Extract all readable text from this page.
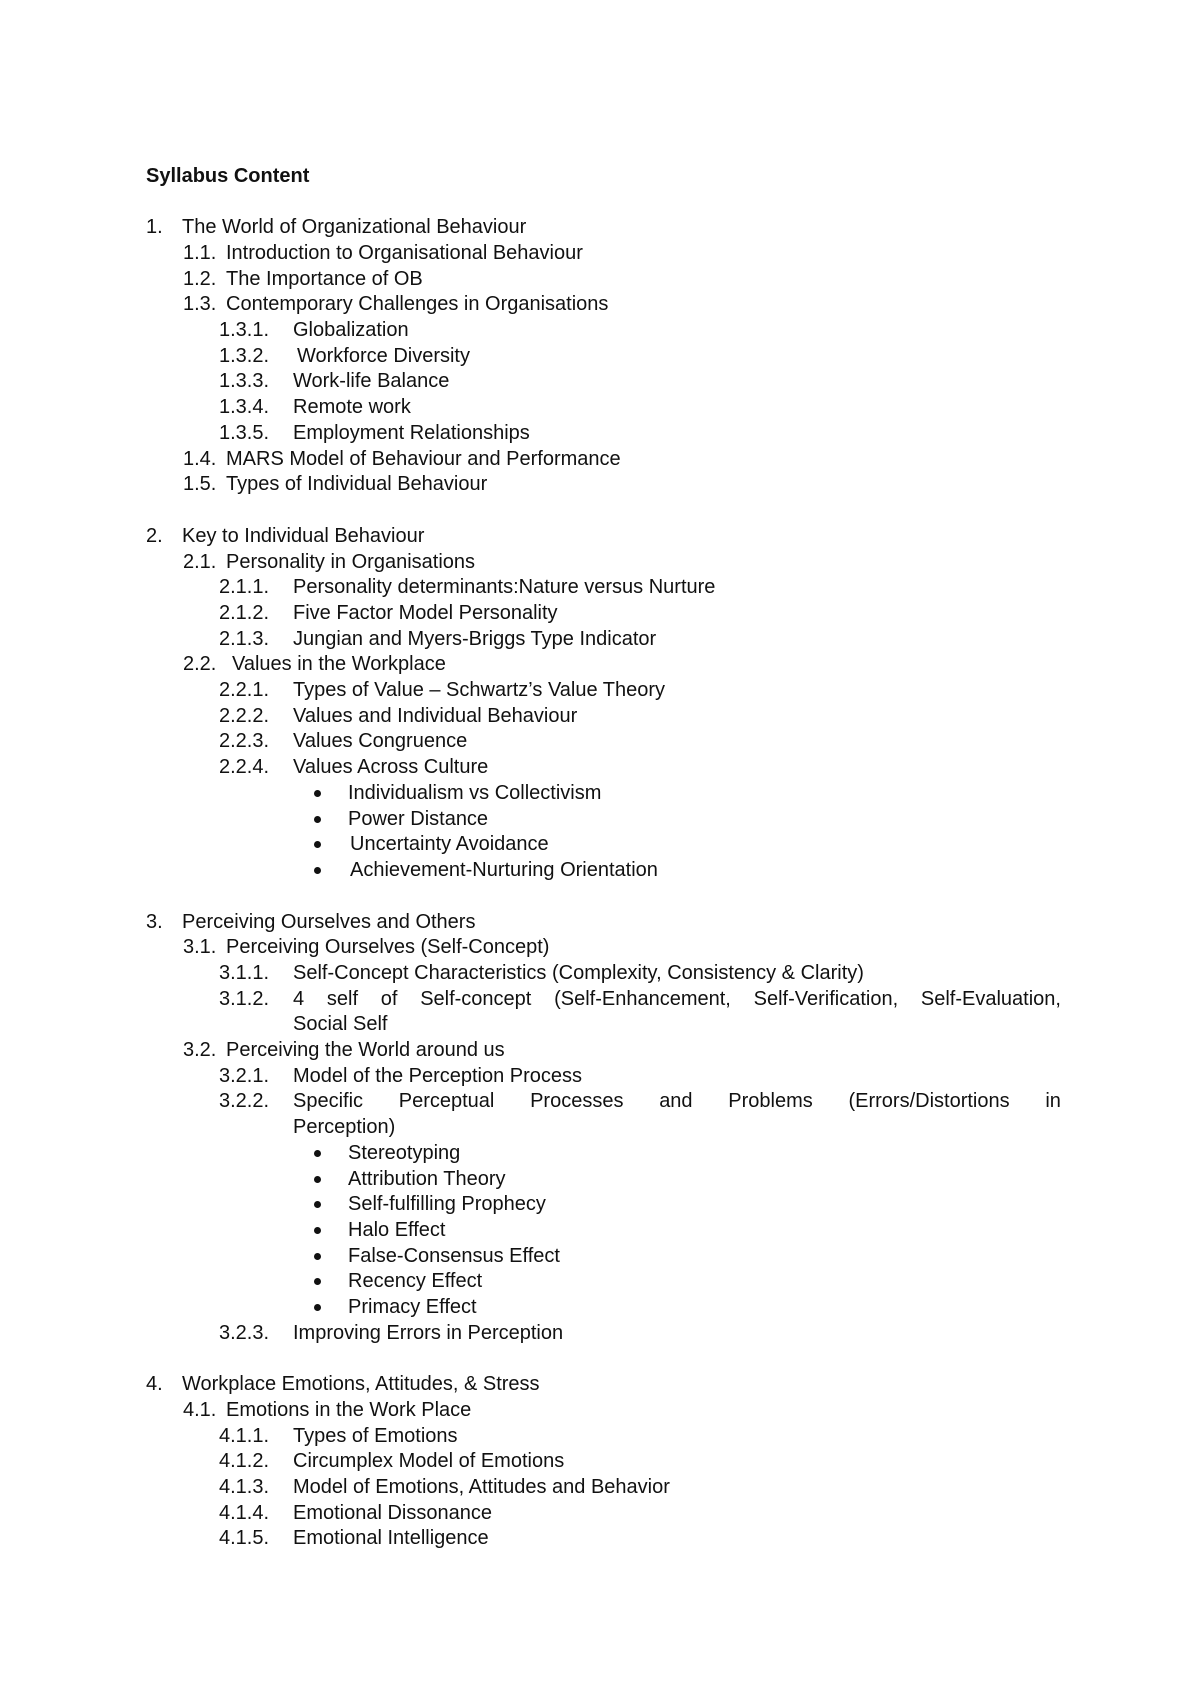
Syllabus Content
1. The World of Organizational Behaviour
1.1. Introduction to Organisational Behaviour
1.2. The Importance of OB
1.3. Contemporary Challenges in Organisations
1.3.1. Globalization
1.3.2. Workforce Diversity
1.3.3. Work-life Balance
1.3.4. Remote work
1.3.5. Employment Relationships
1.4. MARS Model of Behaviour and Performance
1.5. Types of Individual Behaviour
2. Key to Individual Behaviour
2.1. Personality in Organisations
2.1.1. Personality determinants:Nature versus Nurture
2.1.2. Five Factor Model Personality
2.1.3. Jungian and Myers-Briggs Type Indicator
2.2. Values in the Workplace
2.2.1. Types of Value – Schwartz’s Value Theory
2.2.2. Values and Individual Behaviour
2.2.3. Values Congruence
2.2.4. Values Across Culture
Individualism vs Collectivism
Power Distance
Uncertainty Avoidance
Achievement-Nurturing Orientation
3. Perceiving Ourselves and Others
3.1. Perceiving Ourselves (Self-Concept)
3.1.1. Self-Concept Characteristics (Complexity, Consistency & Clarity)
3.1.2. 4 self of Self-concept (Self-Enhancement, Self-Verification, Self-Evaluation,
Social Self
3.2. Perceiving the World around us
3.2.1. Model of the Perception Process
3.2.2. Specific Perceptual Processes and Problems (Errors/Distortions in
Perception)
Stereotyping
Attribution Theory
Self-fulfilling Prophecy
Halo Effect
False-Consensus Effect
Recency Effect
Primacy Effect
3.2.3. Improving Errors in Perception
4. Workplace Emotions, Attitudes, & Stress
4.1. Emotions in the Work Place
4.1.1. Types of Emotions
4.1.2. Circumplex Model of Emotions
4.1.3. Model of Emotions, Attitudes and Behavior
4.1.4. Emotional Dissonance
4.1.5. Emotional Intelligence
